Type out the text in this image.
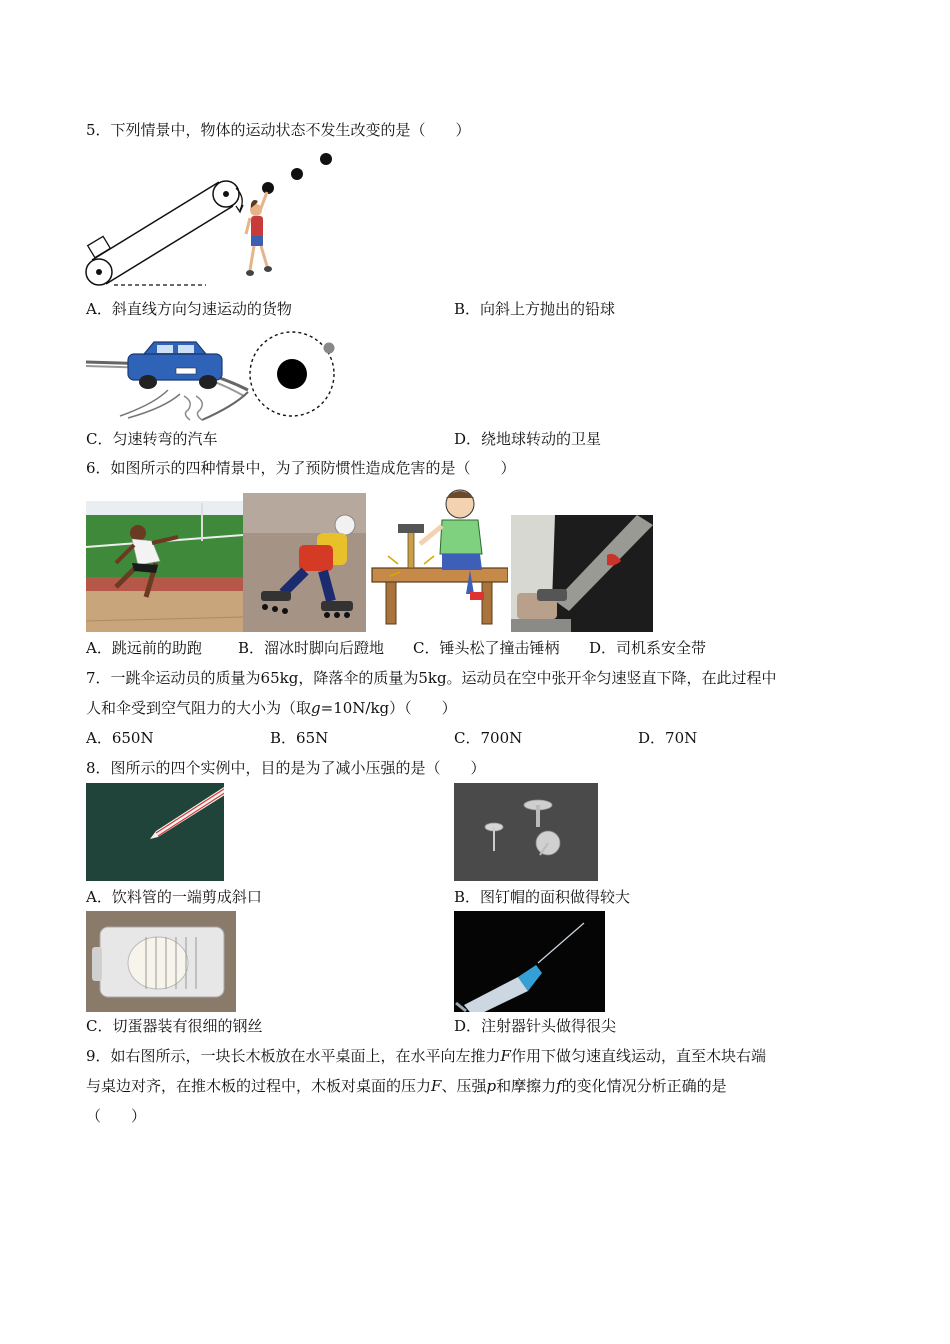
5．下列情景中，物体的运动状态不发生改变的是（　　）
A．斜直线方向匀速运动的货物	B．向斜上方抛出的铅球
C．匀速转弯的汽车	D．绕地球转动的卫星
6．如图所示的四种情景中，为了预防惯性造成危害的是（　　）
A．跳远前的助跑 B．溜冰时脚向后蹬地 C．锤头松了撞击锤柄 D．司机系安全带
7．一跳伞运动员的质量为65kg，降落伞的质量为5kg。运动员在空中张开伞匀速竖直下降，在此过程中
人和伞受到空气阻力的大小为（取g=10N/kg）（　　）
A．650N	B．65N	C．700N	D．70N
8．图所示的四个实例中，目的是为了减小压强的是（　　）
A．饮料管的一端剪成斜口	B．图钉帽的面积做得较大
C．切蛋器装有很细的钢丝	D．注射器针头做得很尖
9．如右图所示，一块长木板放在水平桌面上，在水平向左推力F作用下做匀速直线运动，直至木块右端
与桌边对齐，在推木板的过程中，木板对桌面的压力F、压强p和摩擦力f的变化情况分析正确的是
（　　）
